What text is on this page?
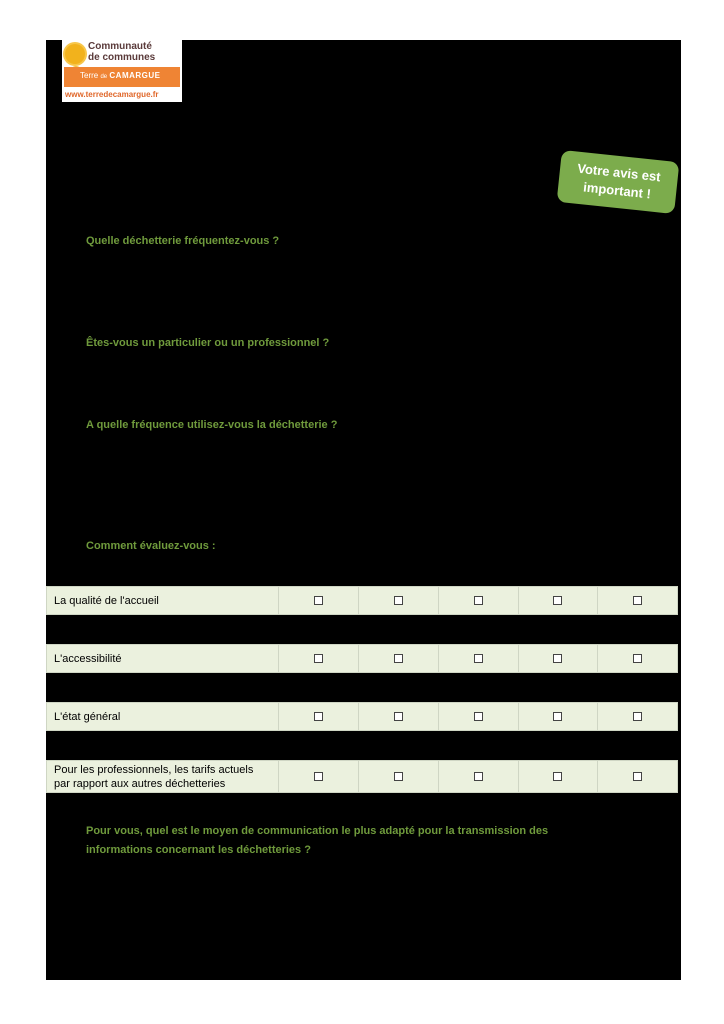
Communauté
de communes
Terre de CAMARGUE
www.terredecamargue.fr
Votre avis est
important !
Quelle déchetterie fréquentez-vous ?
Êtes-vous un particulier ou un professionnel ?
A quelle fréquence utilisez-vous la déchetterie ?
Comment évaluez-vous :
La qualité de l'accueil
L'accessibilité
L'état général
Pour les professionnels, les tarifs actuels
par rapport aux autres déchetteries
Pour vous, quel est le moyen de communication le plus adapté pour la transmission des
informations concernant les déchetteries ?
